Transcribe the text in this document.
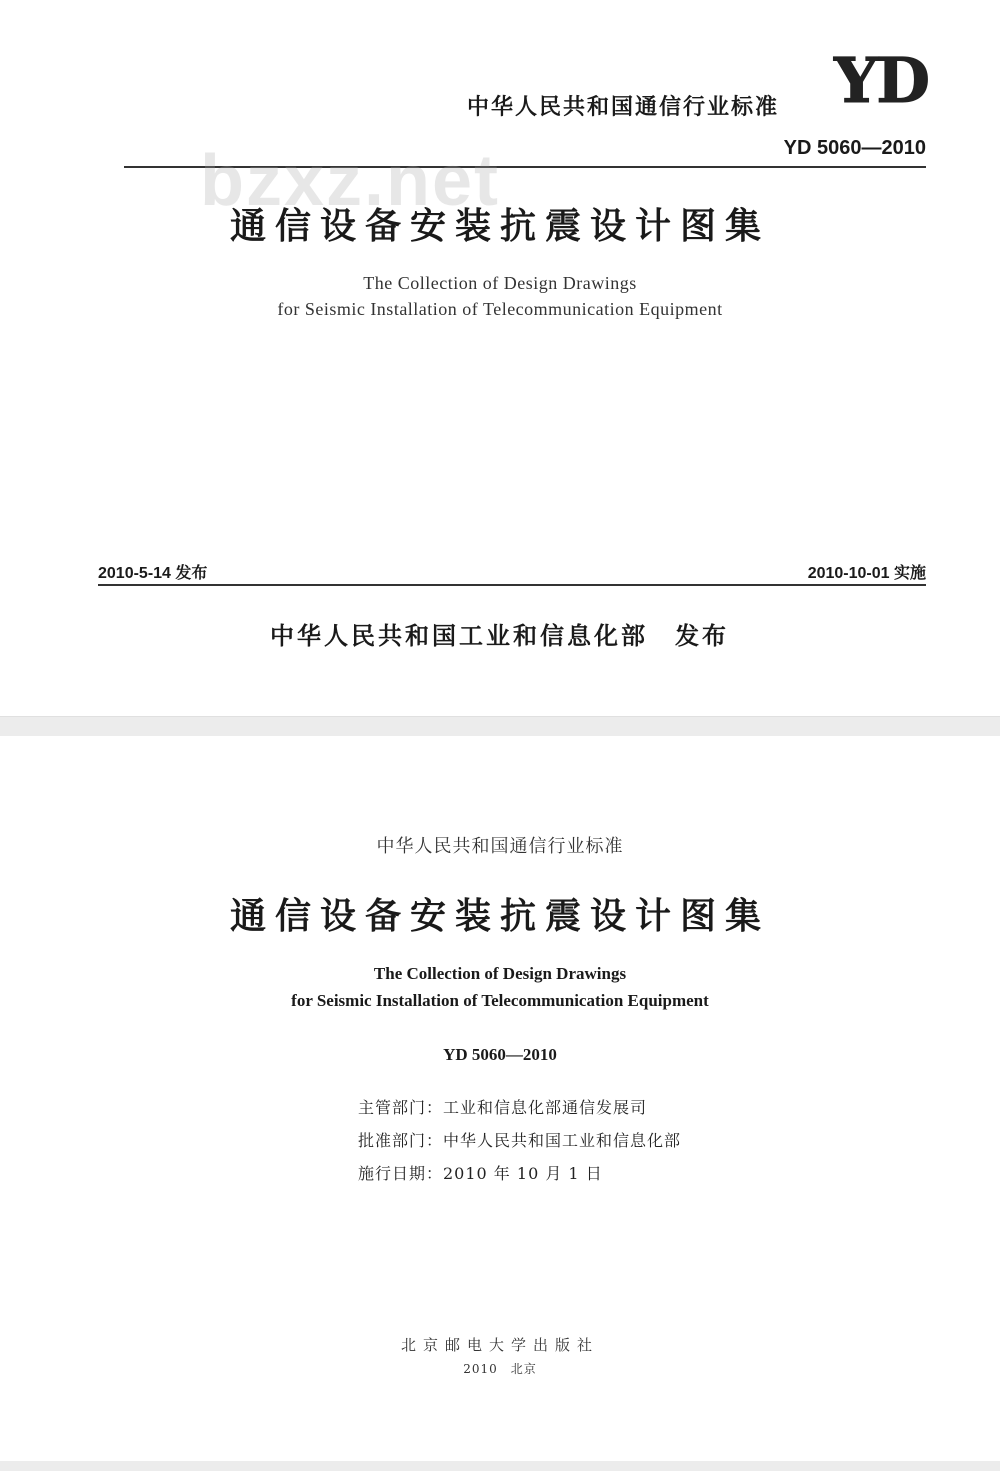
YD
中华人民共和国通信行业标准
YD 5060—2010
bzxz.net
通信设备安装抗震设计图集
The Collection of Design Drawings
for Seismic Installation of Telecommunication Equipment
2010-5-14 发布	2010-10-01 实施
中华人民共和国工业和信息化部　发布
中华人民共和国通信行业标准
通信设备安装抗震设计图集
The Collection of Design Drawings
for Seismic Installation of Telecommunication Equipment
YD 5060—2010
主管部门：工业和信息化部通信发展司
批准部门：中华人民共和国工业和信息化部
施行日期：2010 年 10 月 1 日
北京邮电大学出版社
2010　北京
